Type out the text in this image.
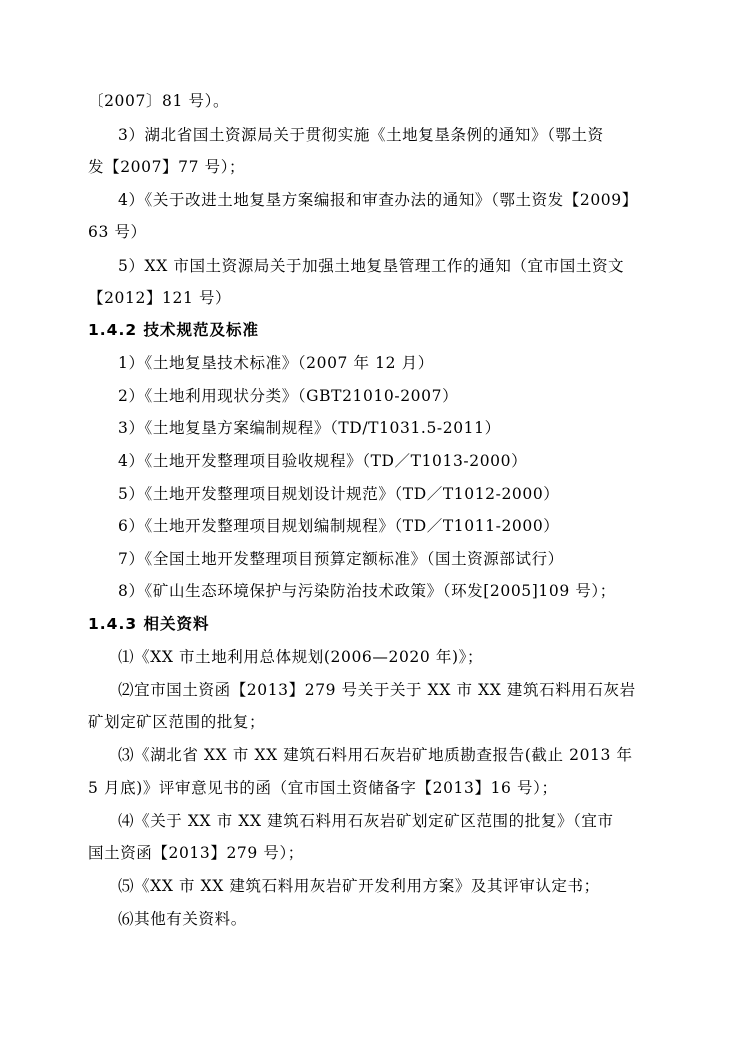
〔2007〕81 号）。
3）湖北省国土资源局关于贯彻实施《土地复垦条例的通知》（鄂土资
发【2007】77 号）；
4）《关于改进土地复垦方案编报和审查办法的通知》（鄂土资发【2009】
63 号）
5）XX 市国土资源局关于加强土地复垦管理工作的通知（宜市国土资文
【2012】121 号）
1.4.2 技术规范及标准
1）《土地复垦技术标准》（2007 年 12 月）
2）《土地利用现状分类》（GBT21010-2007）
3）《土地复垦方案编制规程》（TD/T1031.5-2011）
4）《土地开发整理项目验收规程》（TD／T1013-2000）
5）《土地开发整理项目规划设计规范》（TD／T1012-2000）
6）《土地开发整理项目规划编制规程》（TD／T1011-2000）
7）《全国土地开发整理项目预算定额标准》（国土资源部试行）
8）《矿山生态环境保护与污染防治技术政策》（环发[2005]109 号）；
1.4.3 相关资料
⑴《XX 市土地利用总体规划(2006—2020 年)》；
⑵宜市国土资函【2013】279 号关于关于 XX 市 XX 建筑石料用石灰岩
矿划定矿区范围的批复；
⑶《湖北省 XX 市 XX 建筑石料用石灰岩矿地质勘查报告(截止 2013 年
5 月底)》评审意见书的函（宜市国土资储备字【2013】16 号）；
⑷《关于 XX 市 XX 建筑石料用石灰岩矿划定矿区范围的批复》（宜市
国土资函【2013】279 号）；
⑸《XX 市 XX 建筑石料用灰岩矿开发利用方案》及其评审认定书；
⑹其他有关资料。
